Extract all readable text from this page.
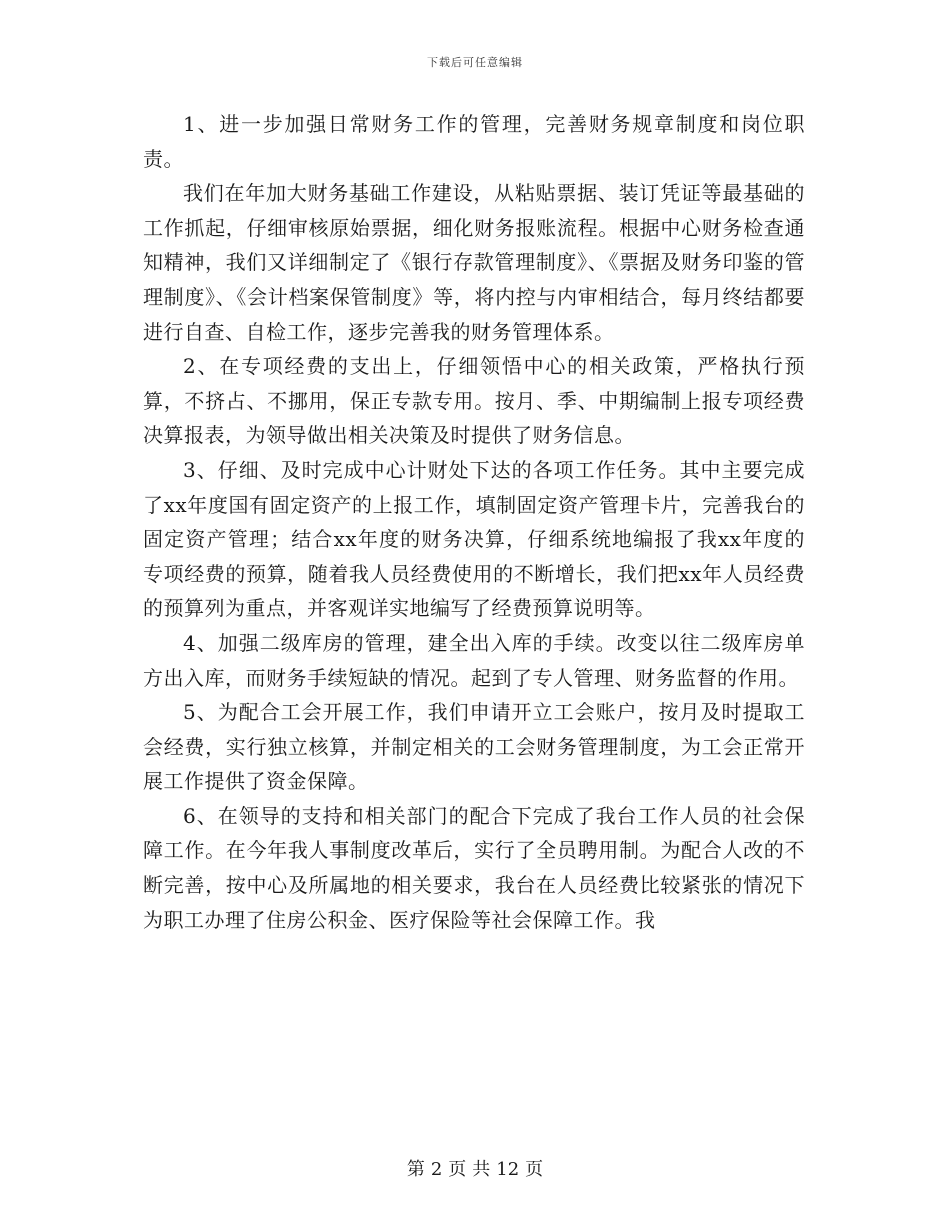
下载后可任意编辑

1、进一步加强日常财务工作的管理，完善财务规章制度和岗位职责。

我们在年加大财务基础工作建设，从粘贴票据、装订凭证等最基础的工作抓起，仔细审核原始票据，细化财务报账流程。根据中心财务检查通知精神，我们又详细制定了《银行存款管理制度》、《票据及财务印鉴的管理制度》、《会计档案保管制度》等，将内控与内审相结合，每月终结都要进行自查、自检工作，逐步完善我的财务管理体系。

2、在专项经费的支出上，仔细领悟中心的相关政策，严格执行预算，不挤占、不挪用，保正专款专用。按月、季、中期编制上报专项经费决算报表，为领导做出相关决策及时提供了财务信息。

3、仔细、及时完成中心计财处下达的各项工作任务。其中主要完成了xx年度国有固定资产的上报工作，填制固定资产管理卡片，完善我台的固定资产管理；结合xx年度的财务决算，仔细系统地编报了我xx年度的专项经费的预算，随着我人员经费使用的不断增长，我们把xx年人员经费的预算列为重点，并客观详实地编写了经费预算说明等。

4、加强二级库房的管理，建全出入库的手续。改变以往二级库房单方出入库，而财务手续短缺的情况。起到了专人管理、财务监督的作用。

5、为配合工会开展工作，我们申请开立工会账户，按月及时提取工会经费，实行独立核算，并制定相关的工会财务管理制度，为工会正常开展工作提供了资金保障。

6、在领导的支持和相关部门的配合下完成了我台工作人员的社会保障工作。在今年我人事制度改革后，实行了全员聘用制。为配合人改的不断完善，按中心及所属地的相关要求，我台在人员经费比较紧张的情况下为职工办理了住房公积金、医疗保险等社会保障工作。我

第 2 页 共 12 页
